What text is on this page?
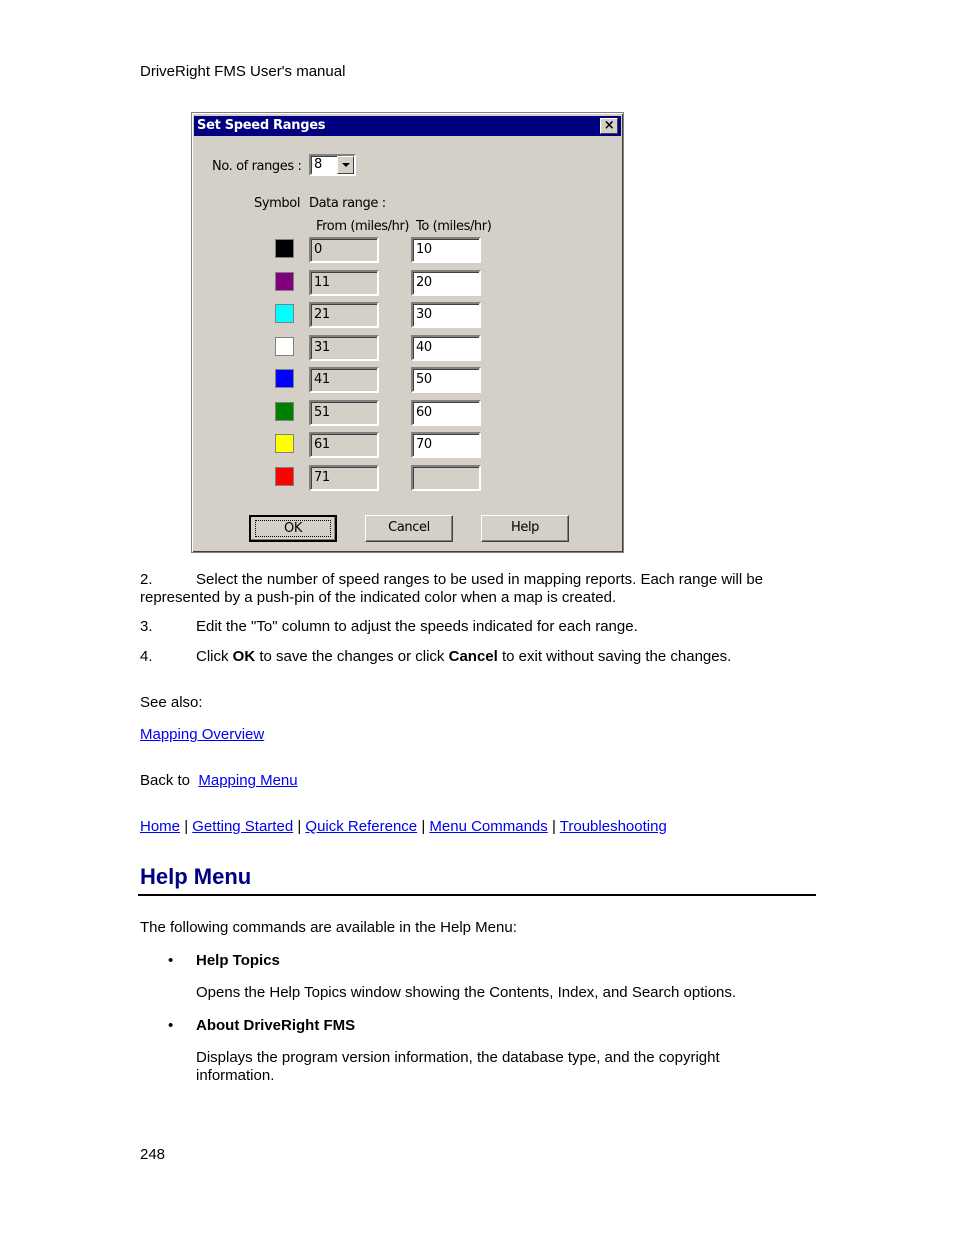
DriveRight FMS User's manual
Set Speed Ranges	×
No. of ranges : 8
Symbol Data range :
From (miles/hr) To (miles/hr)
0	10
11	20
21	30
31	40
41	50
51	60
61	70
71
OK	Cancel	Help
2.	Select the number of speed ranges to be used in mapping reports. Each range will be represented by a push-pin of the indicated color when a map is created.
3.	Edit the "To" column to adjust the speeds indicated for each range.
4.	Click OK to save the changes or click Cancel to exit without saving the changes.
See also:
Mapping Overview
Back to Mapping Menu
Home | Getting Started | Quick Reference | Menu Commands | Troubleshooting
Help Menu
The following commands are available in the Help Menu:
• Help Topics
Opens the Help Topics window showing the Contents, Index, and Search options.
• About DriveRight FMS
Displays the program version information, the database type, and the copyright information.
248
